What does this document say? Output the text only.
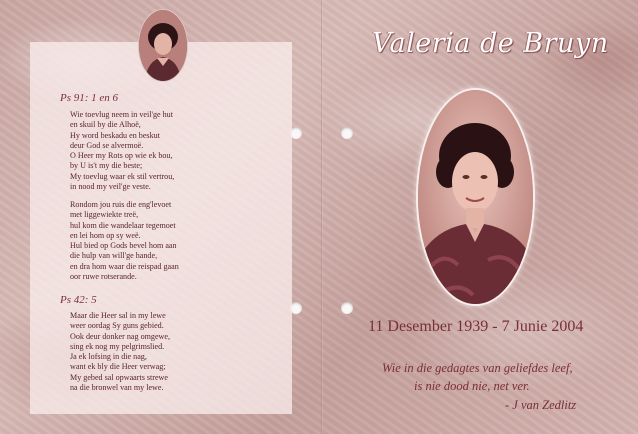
Ps 91: 1 en 6
Wie toevlug neem in veil'ge hut
en skuil by die Alhoë,
Hy word beskadu en beskut
deur God se alvermoë.
O Heer my Rots op wie ek bou,
by U is't my die beste;
My toevlug waar ek stil vertrou,
in nood my veil'ge veste.
Rondom jou ruis die eng'levoet
met liggewiekte treë,
hul kom die wandelaar tegemoet
en lei hom op sy weë.
Hul bied op Gods bevel hom aan
die hulp van will'ge hande,
en dra hom waar die reispad gaan
oor ruwe rotserande.
Ps 42: 5
Maar die Heer sal in my lewe
weer oordag Sy guns gebied.
Ook deur donker nag omgewe,
sing ek nog my pelgrimslied.
Ja ek lofsing in die nag,
want ek bly die Heer verwag;
My gebed sal opwaarts strewe
na die bronwel van my lewe.
Valeria de Bruyn
11 Desember 1939 - 7 Junie 2004
Wie in die gedagtes van geliefdes leef,
is nie dood nie, net ver.
- J van Zedlitz
